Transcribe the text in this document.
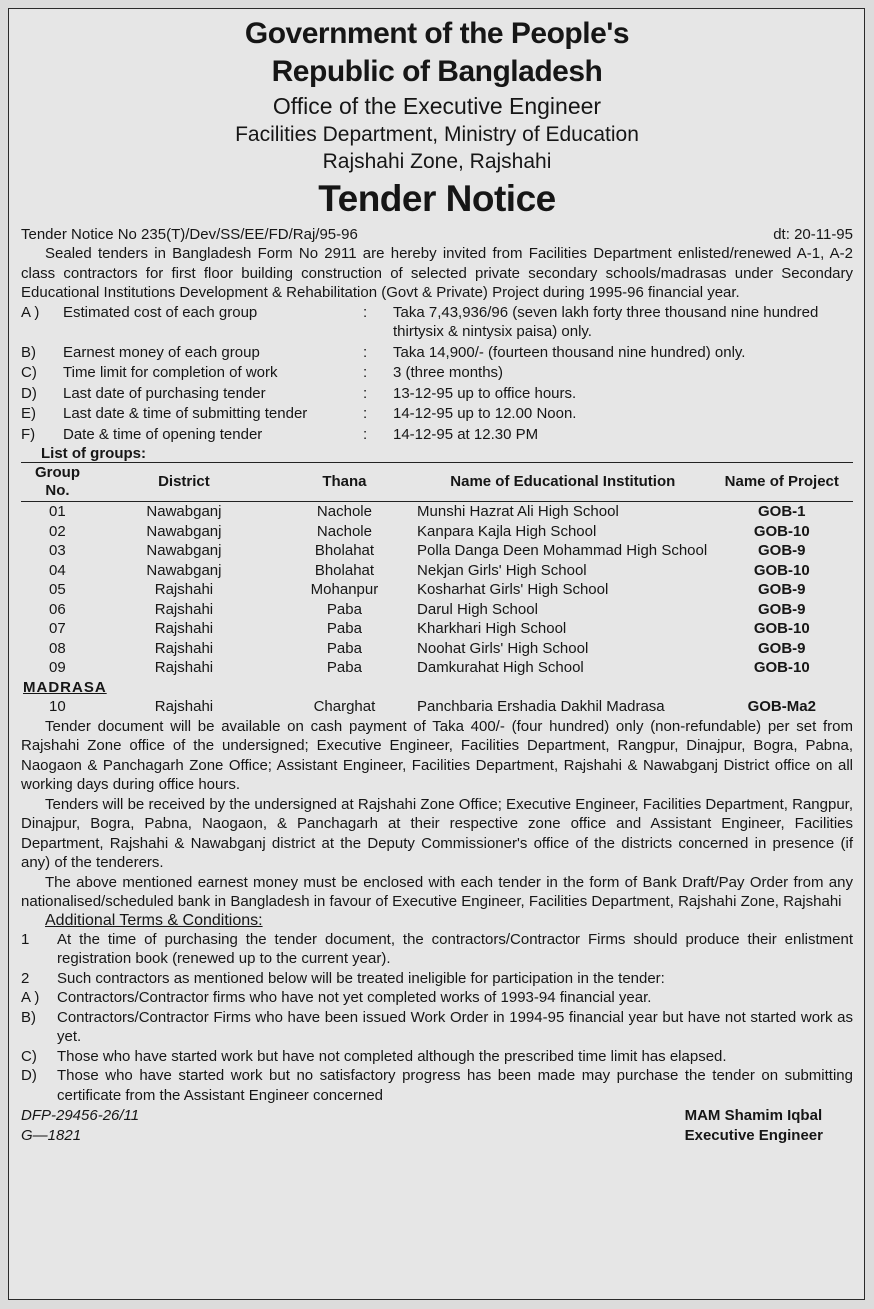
Government of the People's
Republic of Bangladesh
Office of the Executive Engineer
Facilities Department, Ministry of Education
Rajshahi Zone, Rajshahi
Tender Notice
Tender Notice No 235(T)/Dev/SS/EE/FD/Raj/95-96	dt: 20-11-95

Sealed tenders in Bangladesh Form No 2911 are hereby invited from Facilities Department enlisted/renewed A-1, A-2 class contractors for first floor building construction of selected private secondary schools/madrasas under Secondary Educational Institutions Development & Rehabilitation (Govt & Private) Project during 1995-96 financial year.

A )	Estimated cost of each group	:	Taka 7,43,936/96 (seven lakh forty three thousand nine hundred thirtysix & nintysix paisa) only.
B)	Earnest money of each group	:	Taka 14,900/- (fourteen thousand nine hundred) only.
C)	Time limit for completion of work	:	3 (three months)
D)	Last date of purchasing tender	:	13-12-95 up to office hours.
E)	Last date & time of submitting tender	:	14-12-95 up to 12.00 Noon.
F)	Date & time of opening tender	:	14-12-95 at 12.30 PM
List of groups:
Group No.	District	Thana	Name of Educational Institution	Name of Project
01	Nawabganj	Nachole	Munshi Hazrat Ali High School	GOB-1
02	Nawabganj	Nachole	Kanpara Kajla High School	GOB-10
03	Nawabganj	Bholahat	Polla Danga Deen Mohammad High School	GOB-9
04	Nawabganj	Bholahat	Nekjan Girls' High School	GOB-10
05	Rajshahi	Mohanpur	Kosharhat Girls' High School	GOB-9
06	Rajshahi	Paba	Darul High School	GOB-9
07	Rajshahi	Paba	Kharkhari High School	GOB-10
08	Rajshahi	Paba	Noohat Girls' High School	GOB-9
09	Rajshahi	Paba	Damkurahat High School	GOB-10
MADRASA				
10	Rajshahi	Charghat	Panchbaria Ershadia Dakhil Madrasa	GOB-Ma2

Tender document will be available on cash payment of Taka 400/- (four hundred) only (non-refundable) per set from Rajshahi Zone office of the undersigned; Executive Engineer, Facilities Department, Rangpur, Dinajpur, Bogra, Pabna, Naogaon & Panchagarh Zone Office; Assistant Engineer, Facilities Department, Rajshahi & Nawabganj District office on all working days during office hours.

Tenders will be received by the undersigned at Rajshahi Zone Office; Executive Engineer, Facilities Department, Rangpur, Dinajpur, Bogra, Pabna, Naogaon, & Panchagarh at their respective zone office and Assistant Engineer, Facilities Department, Rajshahi & Nawabganj district at the Deputy Commissioner's office of the districts concerned in presence (if any) of the tenderers.

The above mentioned earnest money must be enclosed with each tender in the form of Bank Draft/Pay Order from any nationalised/scheduled bank in Bangladesh in favour of Executive Engineer, Facilities Department, Rajshahi Zone, Rajshahi

Additional Terms & Conditions:
1	At the time of purchasing the tender document, the contractors/Contractor Firms should produce their enlistment registration book (renewed up to the current year).
2	Such contractors as mentioned below will be treated ineligible for participation in the tender:
A )	Contractors/Contractor firms who have not yet completed works of 1993-94 financial year.
B)	Contractors/Contractor Firms who have been issued Work Order in 1994-95 financial year but have not started work as yet.
C)	Those who have started work but have not completed although the prescribed time limit has elapsed.
D)	Those who have started work but no satisfactory progress has been made may purchase the tender on submitting certificate from the Assistant Engineer concerned
DFP-29456-26/11
G—1821
MAM Shamim Iqbal
Executive Engineer
